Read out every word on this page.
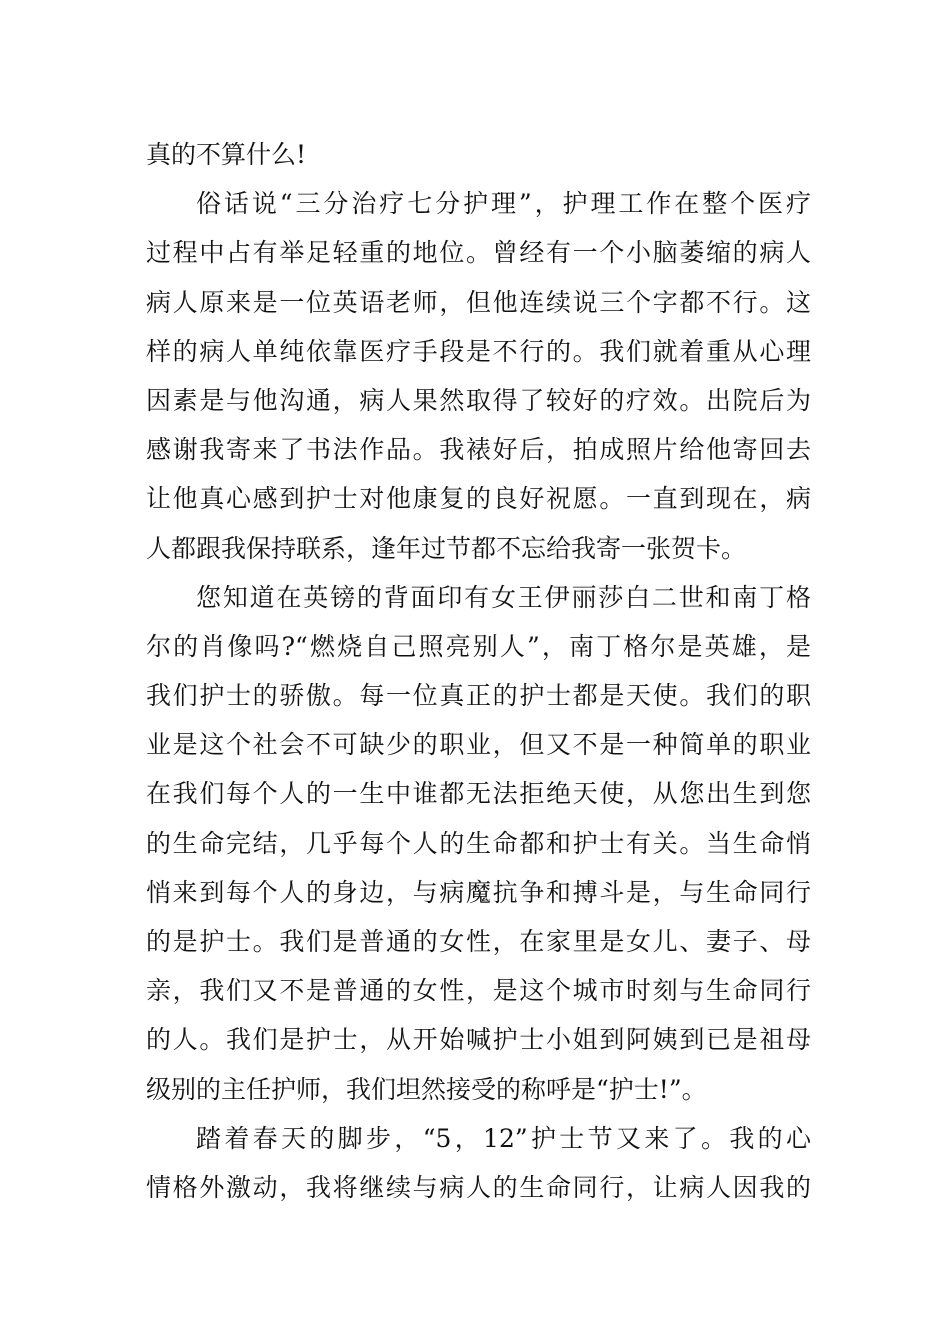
真的不算什么!
俗话说“三分治疗七分护理”，护理工作在整个医疗
过程中占有举足轻重的地位。曾经有一个小脑萎缩的病人
病人原来是一位英语老师，但他连续说三个字都不行。这
样的病人单纯依靠医疗手段是不行的。我们就着重从心理
因素是与他沟通，病人果然取得了较好的疗效。出院后为
感谢我寄来了书法作品。我裱好后，拍成照片给他寄回去
让他真心感到护士对他康复的良好祝愿。一直到现在，病
人都跟我保持联系，逢年过节都不忘给我寄一张贺卡。
您知道在英镑的背面印有女王伊丽莎白二世和南丁格
尔的肖像吗?“燃烧自己照亮别人”，南丁格尔是英雄，是
我们护士的骄傲。每一位真正的护士都是天使。我们的职
业是这个社会不可缺少的职业，但又不是一种简单的职业
在我们每个人的一生中谁都无法拒绝天使，从您出生到您
的生命完结，几乎每个人的生命都和护士有关。当生命悄
悄来到每个人的身边，与病魔抗争和搏斗是，与生命同行
的是护士。我们是普通的女性，在家里是女儿、妻子、母
亲，我们又不是普通的女性，是这个城市时刻与生命同行
的人。我们是护士，从开始喊护士小姐到阿姨到已是祖母
级别的主任护师，我们坦然接受的称呼是“护士!”。
踏着春天的脚步，“5，12”护士节又来了。我的心
情格外激动，我将继续与病人的生命同行，让病人因我的
